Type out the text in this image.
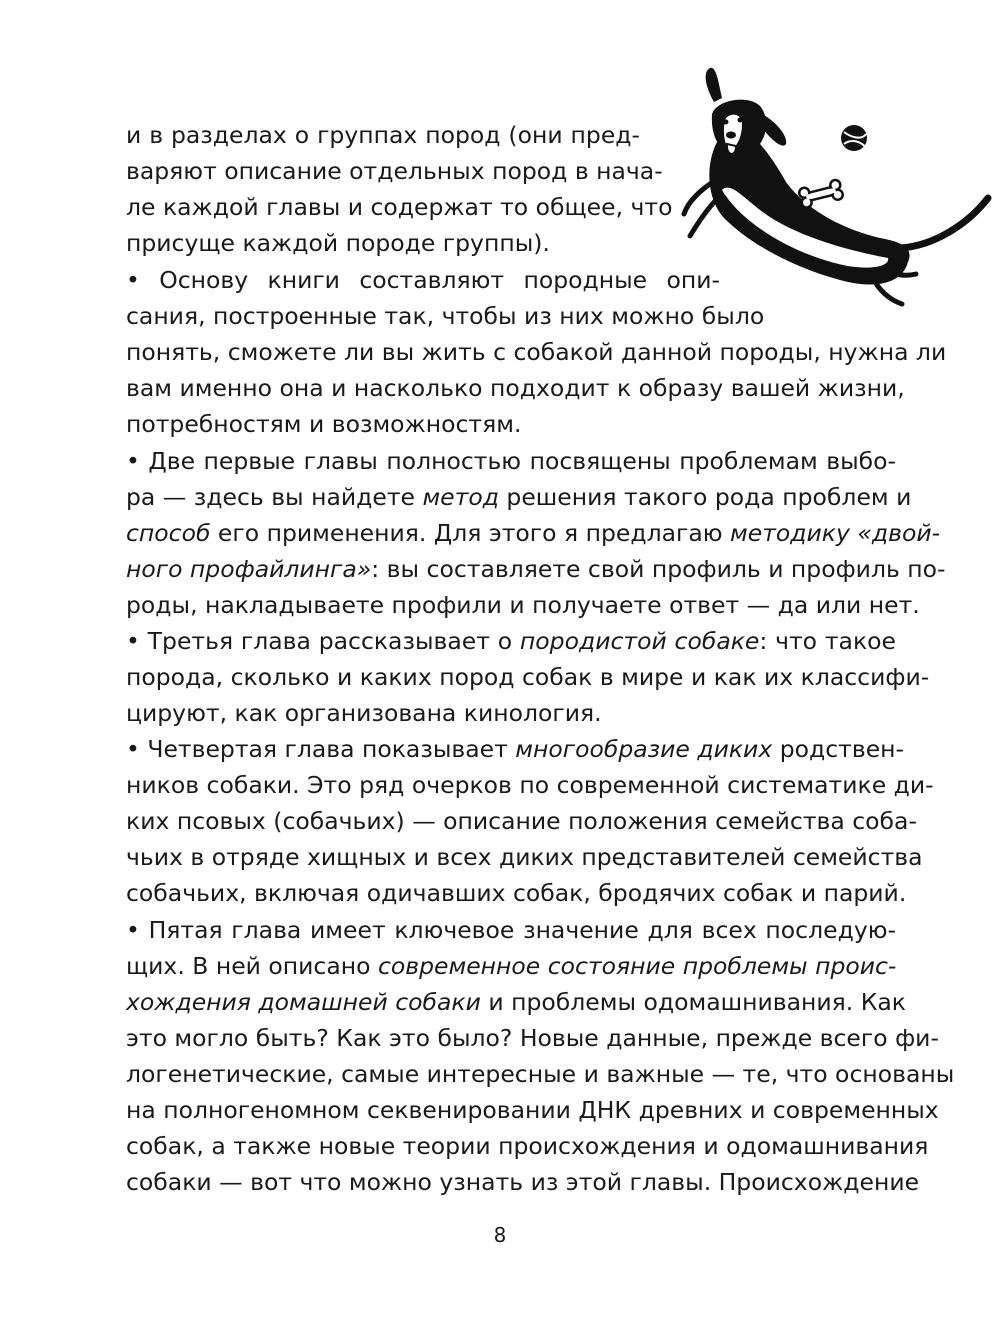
и в разделах о группах пород (они пред-
варяют описание отдельных пород в нача-
ле каждой главы и содержат то общее, что
присуще каждой породе группы).
• Основу книги составляют породные опи-
сания, построенные так, чтобы из них можно было
понять, сможете ли вы жить с собакой данной породы, нужна ли
вам именно она и насколько подходит к образу вашей жизни,
потребностям и возможностям.
• Две первые главы полностью посвящены проблемам выбо-
ра — здесь вы найдете метод решения такого рода проблем и
способ его применения. Для этого я предлагаю методику «двой-
ного профайлинга»: вы составляете свой профиль и профиль по-
роды, накладываете профили и получаете ответ — да или нет.
• Третья глава рассказывает о породистой собаке: что такое
порода, сколько и каких пород собак в мире и как их классифи-
цируют, как организована кинология.
• Четвертая глава показывает многообразие диких родствен-
ников собаки. Это ряд очерков по современной систематике ди-
ких псовых (собачьих) — описание положения семейства соба-
чьих в отряде хищных и всех диких представителей семейства
собачьих, включая одичавших собак, бродячих собак и парий.
• Пятая глава имеет ключевое значение для всех последую-
щих. В ней описано современное состояние проблемы проис-
хождения домашней собаки и проблемы одомашнивания. Как
это могло быть? Как это было? Новые данные, прежде всего фи-
логенетические, самые интересные и важные — те, что основаны
на полногеномном секвенировании ДНК древних и современных
собак, а также новые теории происхождения и одомашнивания
собаки — вот что можно узнать из этой главы. Происхождение
8
